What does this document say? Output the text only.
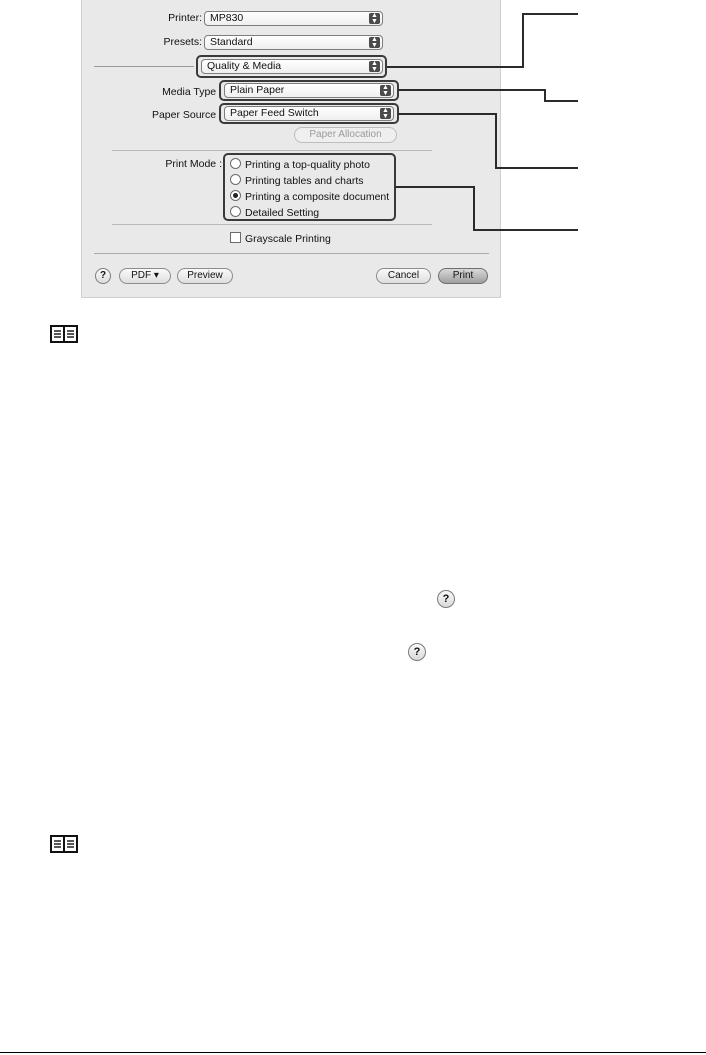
Printer: MP830	▲
▼
Presets: Standard	▲
▼
Quality & Media	▲
▼
Media Type : Plain Paper	▲
▼
Paper Source : Paper Feed Switch	▲
▼
Paper Allocation
Print Mode :	Printing a top-quality photo
Printing tables and charts
Printing a composite document
Detailed Setting
Grayscale Printing
?	PDF ▾	Preview	Cancel	Print
?
?
